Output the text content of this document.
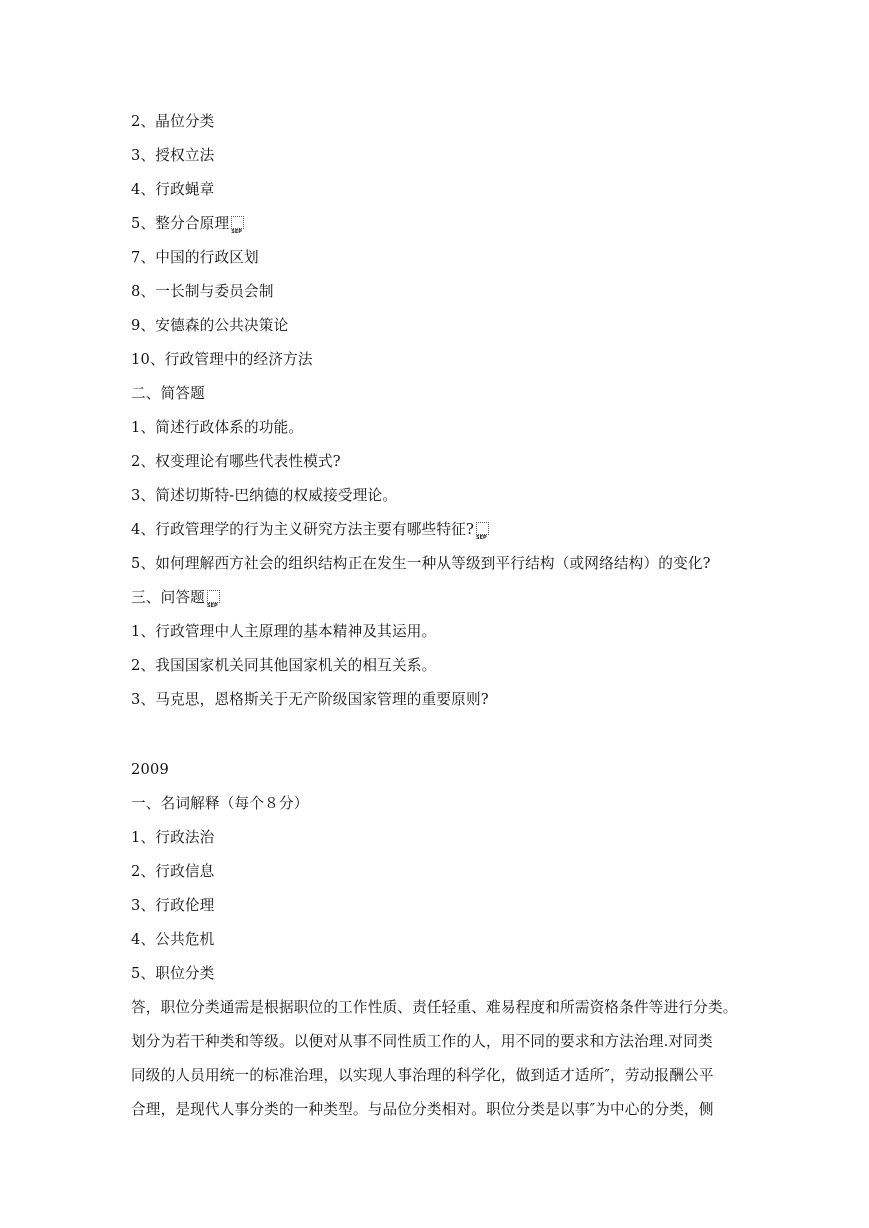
2、晶位分类
3、授权立法
4、行政蝇章
5、整分合原理SEP
7、中国的行政区划
8、一长制与委员会制
9、安德森的公共决策论
10、行政管理中的经济方法
二、简答题
1、简述行政体系的功能。
2、权变理论有哪些代表性模式?
3、简述切斯特-巴纳德的权威接受理论。
4、行政管理学的行为主义研究方法主要有哪些特征?SEP
5、如何理解西方社会的组织结构正在发生一种从等级到平行结构（或网络结构）的变化?
三、问答题SEP
1、行政管理中人主原理的基本精神及其运用。
2、我国国家机关同其他国家机关的相互关系。
3、马克思，恩格斯关于无产阶级国家管理的重要原则?
2009
一、名词解释（每个８分）
1、行政法治
2、行政信息
3、行政伦理
4、公共危机
5、职位分类
答，职位分类通需是根据职位的工作性质、责任轻重、难易程度和所需资格条件等进行分类。
划分为若干种类和等级。以便对从事不同性质工作的人，用不同的要求和方法治理.对同类
同级的人员用统一的标准治理，以实现人事治理的科学化，做到适才适所″，劳动报酬公平
合理，是现代人事分类的一种类型。与品位分类相对。职位分类是以事″为中心的分类，侧
